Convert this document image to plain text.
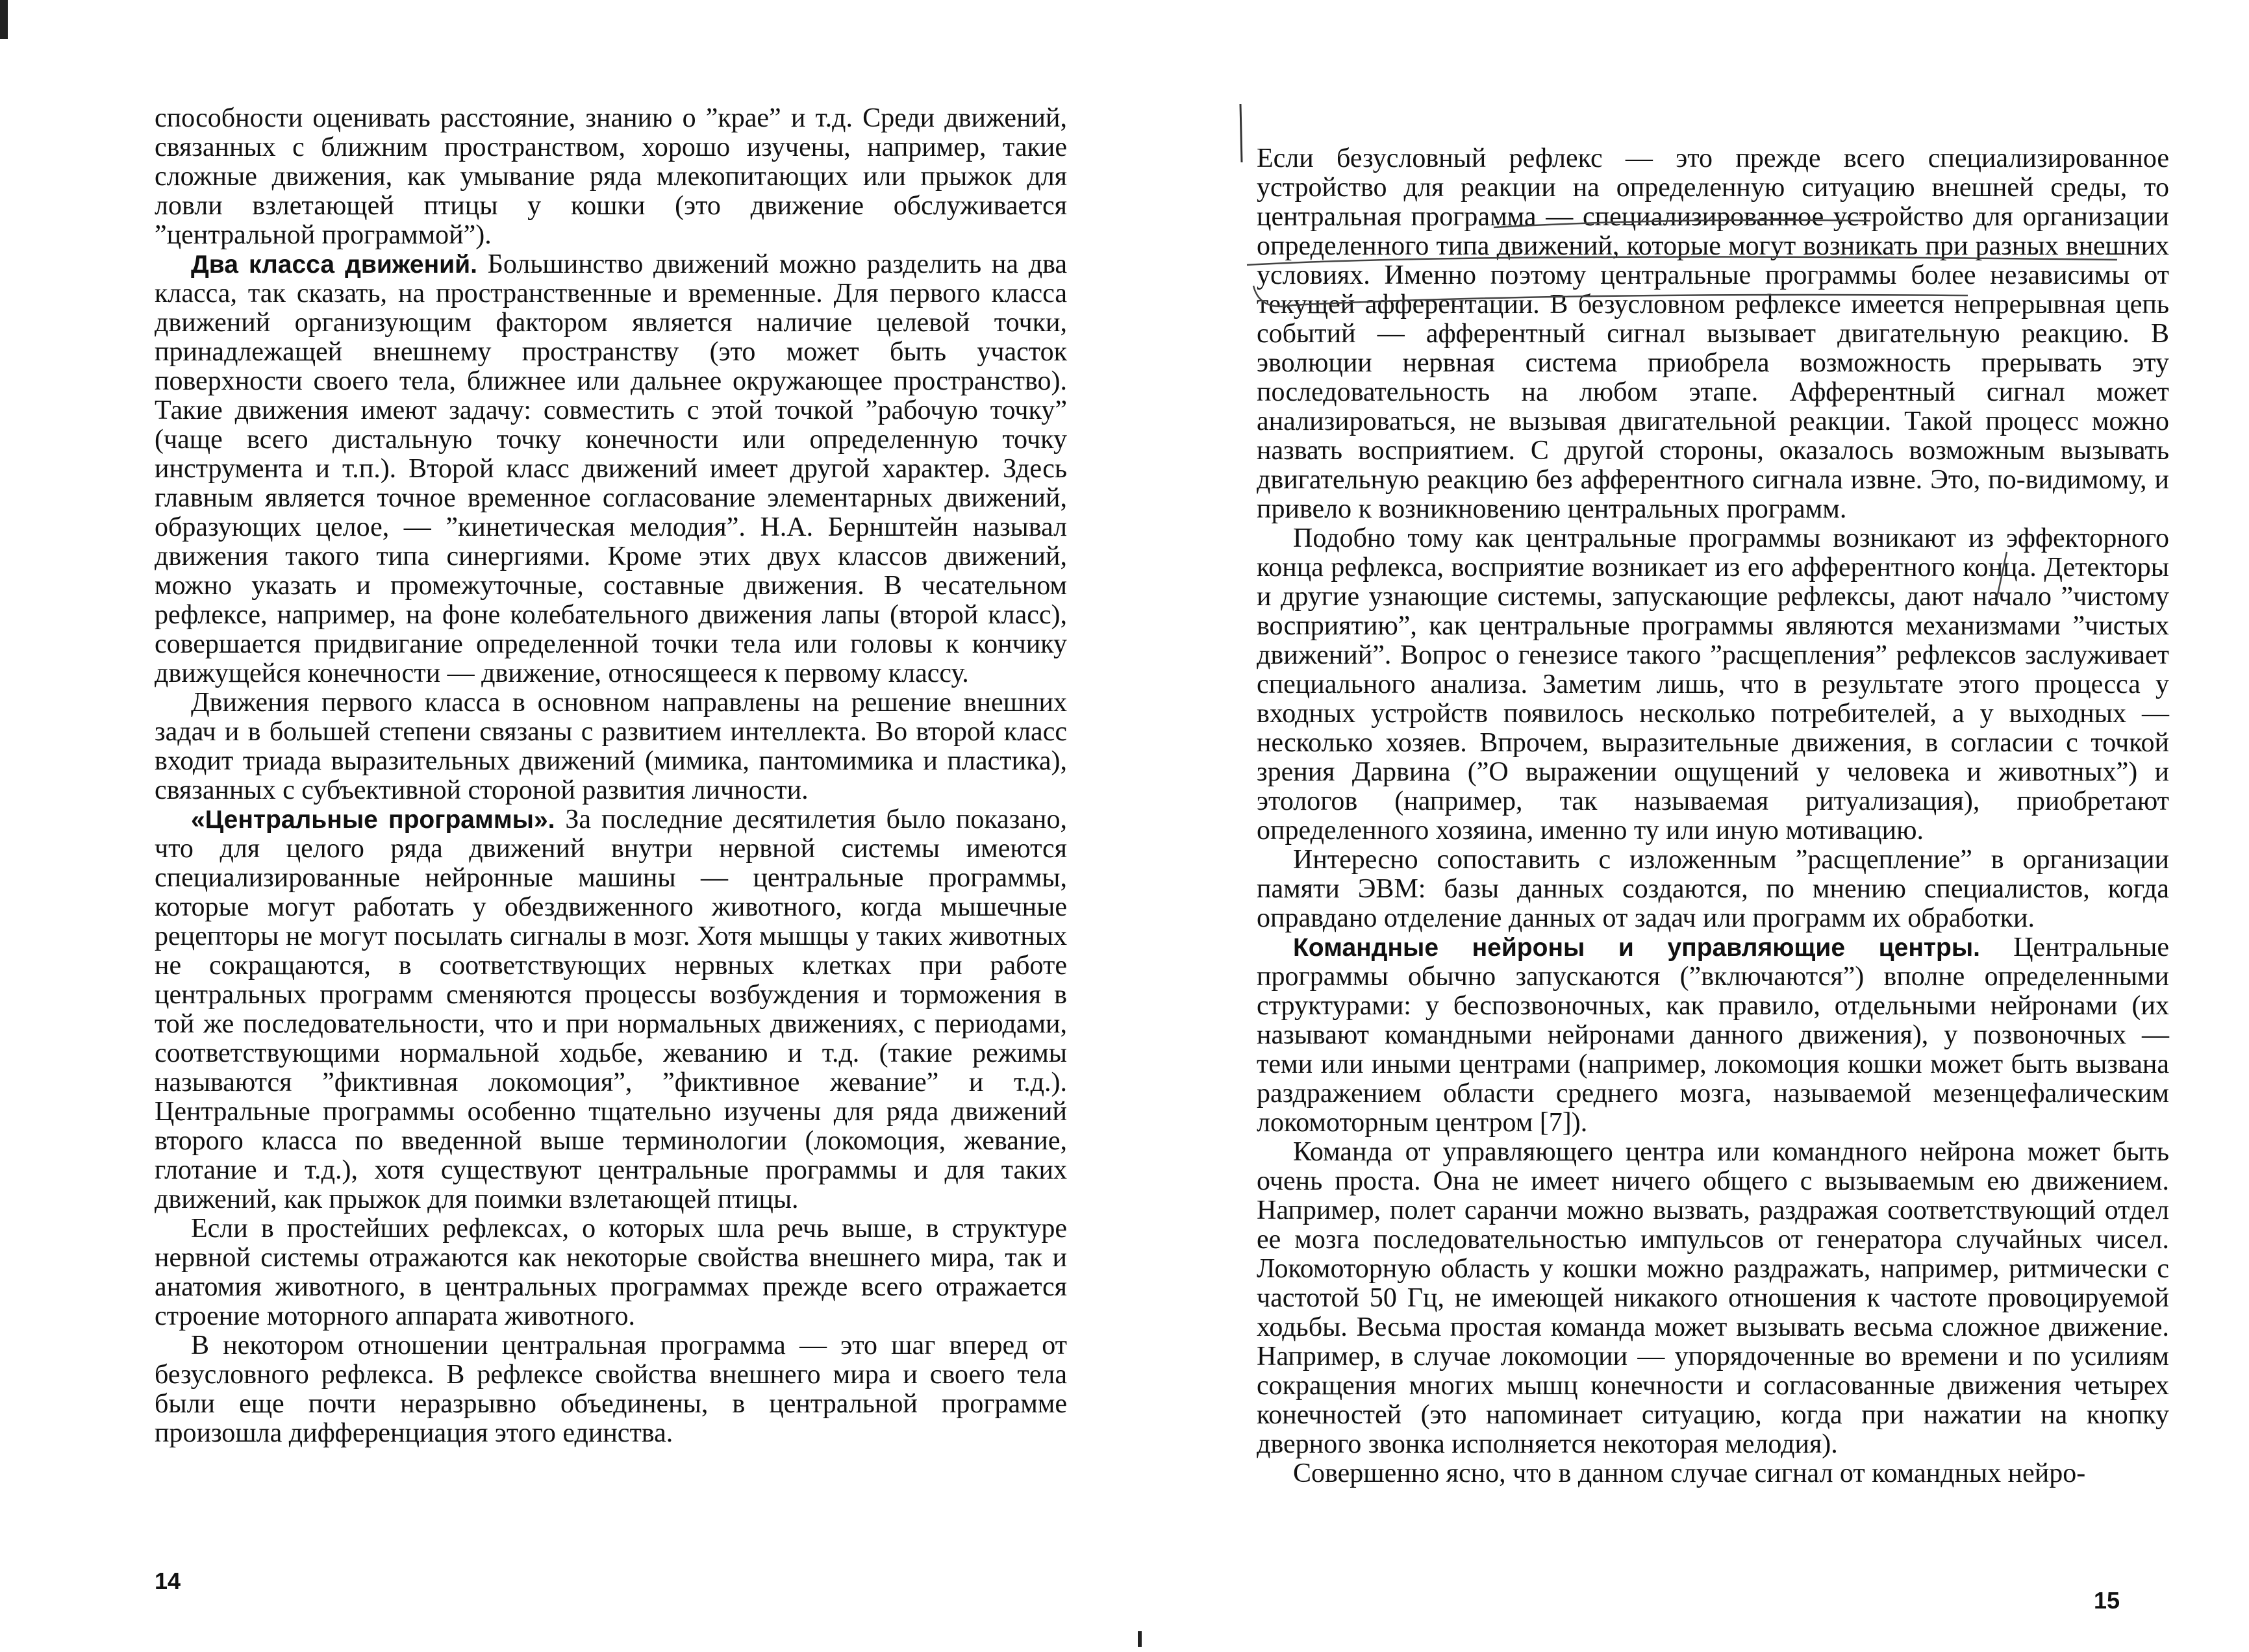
способности оценивать расстояние, знанию о ”крае” и т.д. Среди движений, связанных с ближним пространством, хорошо изучены, например, такие сложные движения, как умывание ряда млекопитающих или прыжок для ловли взлетающей птицы у кошки (это движение обслуживается ”центральной программой”).

Два класса движений. Большинство движений можно разделить на два класса, так сказать, на пространственные и временные. Для первого класса движений организующим фактором является наличие целевой точки, принадлежащей внешнему пространству (это может быть участок поверхности своего тела, ближнее или дальнее окружающее пространство). Такие движения имеют задачу: совместить с этой точкой ”рабочую точку” (чаще всего дистальную точку конечности или определенную точку инструмента и т.п.). Второй класс движений имеет другой характер. Здесь главным является точное временное согласование элементарных движений, образующих целое, — ”кинетическая мелодия”. Н.А. Бернштейн называл движения такого типа синергиями. Кроме этих двух классов движений, можно указать и промежуточные, составные движения. В чесательном рефлексе, например, на фоне колебательного движения лапы (второй класс), совершается придвигание определенной точки тела или головы к кончику движущейся конечности — движение, относящееся к первому классу.

Движения первого класса в основном направлены на решение внешних задач и в большей степени связаны с развитием интеллекта. Во второй класс входит триада выразительных движений (мимика, пантомимика и пластика), связанных с субъективной стороной развития личности.

«Центральные программы». За последние десятилетия было показано, что для целого ряда движений внутри нервной системы имеются специализированные нейронные машины — центральные программы, которые могут работать у обездвиженного животного, когда мышечные рецепторы не могут посылать сигналы в мозг. Хотя мышцы у таких животных не сокращаются, в соответствующих нервных клетках при работе центральных программ сменяются процессы возбуждения и торможения в той же последовательности, что и при нормальных движениях, с периодами, соответствующими нормальной ходьбе, жеванию и т.д. (такие режимы называются ”фиктивная локомоция”, ”фиктивное жевание” и т.д.). Центральные программы особенно тщательно изучены для ряда движений второго класса по введенной выше терминологии (локомоция, жевание, глотание и т.д.), хотя существуют центральные программы и для таких движений, как прыжок для поимки взлетающей птицы.

Если в простейших рефлексах, о которых шла речь выше, в структуре нервной системы отражаются как некоторые свойства внешнего мира, так и анатомия животного, в центральных программах прежде всего отражается строение моторного аппарата животного.

В некотором отношении центральная программа — это шаг вперед от безусловного рефлекса. В рефлексе свойства внешнего мира и своего тела были еще почти неразрывно объединены, в центральной программе произошла дифференциация этого единства.

14

Если безусловный рефлекс — это прежде всего специализированное устройство для реакции на определенную ситуацию внешней среды, то центральная программа — специализированное устройство для организации определенного типа движений, которые могут возникать при разных внешних условиях. Именно поэтому центральные программы более независимы от текущей афферентации. В безусловном рефлексе имеется непрерывная цепь событий — афферентный сигнал вызывает двигательную реакцию. В эволюции нервная система приобрела возможность прерывать эту последовательность на любом этапе. Афферентный сигнал может анализироваться, не вызывая двигательной реакции. Такой процесс можно назвать восприятием. С другой стороны, оказалось возможным вызывать двигательную реакцию без афферентного сигнала извне. Это, по-видимому, и привело к возникновению центральных программ.

Подобно тому как центральные программы возникают из эффекторного конца рефлекса, восприятие возникает из его афферентного конца. Детекторы и другие узнающие системы, запускающие рефлексы, дают начало ”чистому восприятию”, как центральные программы являются механизмами ”чистых движений”. Вопрос о генезисе такого ”расщепления” рефлексов заслуживает специального анализа. Заметим лишь, что в результате этого процесса у входных устройств появилось несколько потребителей, а у выходных — несколько хозяев. Впрочем, выразительные движения, в согласии с точкой зрения Дарвина (”О выражении ощущений у человека и животных”) и этологов (например, так называемая ритуализация), приобретают определенного хозяина, именно ту или иную мотивацию.

Интересно сопоставить с изложенным ”расщепление” в организации памяти ЭВМ: базы данных создаются, по мнению специалистов, когда оправдано отделение данных от задач или программ их обработки.

Командные нейроны и управляющие центры. Центральные программы обычно запускаются (”включаются”) вполне определенными структурами: у беспозвоночных, как правило, отдельными нейронами (их называют командными нейронами данного движения), у позвоночных — теми или иными центрами (например, локомоция кошки может быть вызвана раздражением области среднего мозга, называемой мезенцефалическим локомоторным центром [7]).

Команда от управляющего центра или командного нейрона может быть очень проста. Она не имеет ничего общего с вызываемым ею движением. Например, полет саранчи можно вызвать, раздражая соответствующий отдел ее мозга последовательностью импульсов от генератора случайных чисел. Локомоторную область у кошки можно раздражать, например, ритмически с частотой 50 Гц, не имеющей никакого отношения к частоте провоцируемой ходьбы. Весьма простая команда может вызывать весьма сложное движение. Например, в случае локомоции — упорядоченные во времени и по усилиям сокращения многих мышц конечности и согласованные движения четырех конечностей (это напоминает ситуацию, когда при нажатии на кнопку дверного звонка исполняется некоторая мелодия).

Совершенно ясно, что в данном случае сигнал от командных нейро-

15
